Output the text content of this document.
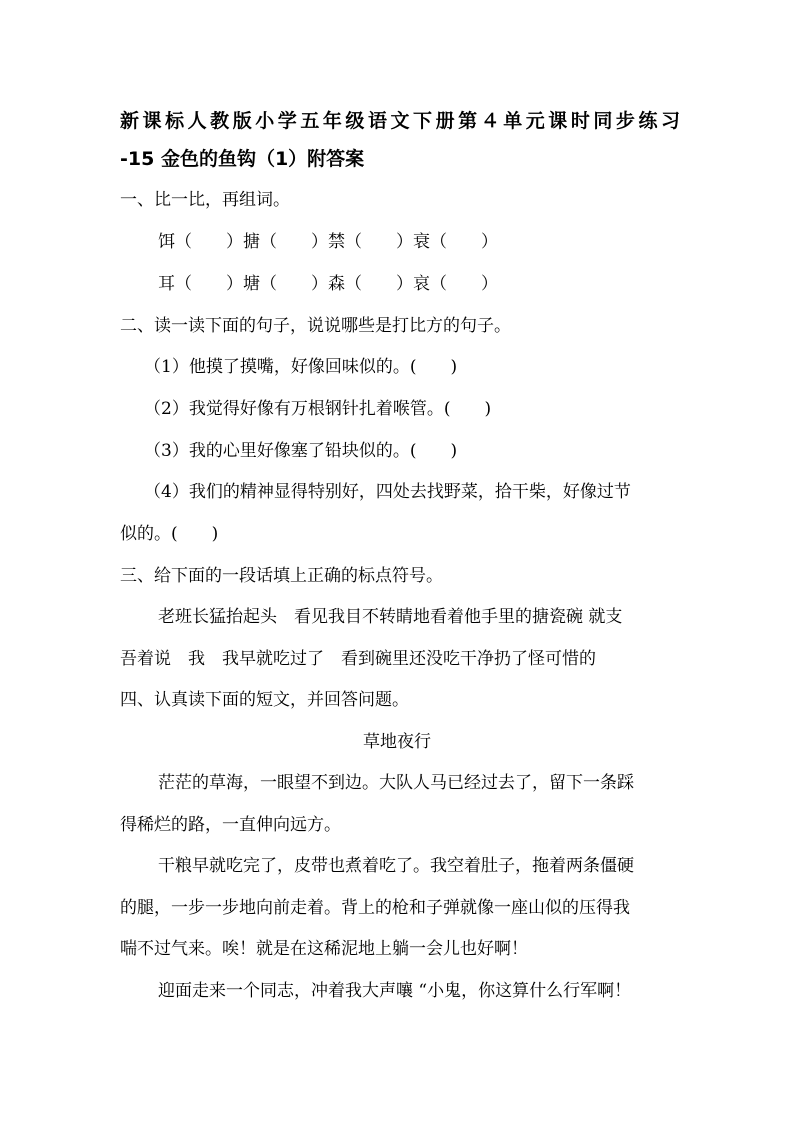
新课标人教版小学五年级语文下册第４单元课时同步练习
-15 金色的鱼钩（1）附答案
一、比一比，再组词。
饵（　　）搪（　　）禁（　　）衰（　　）
耳（　　）塘（　　）森（　　）哀（　　）
二、读一读下面的句子，说说哪些是打比方的句子。
（1）他摸了摸嘴，好像回味似的。(　　)
（2）我觉得好像有万根钢针扎着喉管。(　　)
（3）我的心里好像塞了铅块似的。(　　)
（4）我们的精神显得特别好，四处去找野菜，拾干柴，好像过节
似的。(　　)
三、给下面的一段话填上正确的标点符号。
老班长猛抬起头　看见我目不转睛地看着他手里的搪瓷碗 就支
吾着说　我　我早就吃过了　看到碗里还没吃干净扔了怪可惜的
四、认真读下面的短文，并回答问题。
草地夜行
茫茫的草海，一眼望不到边。大队人马已经过去了，留下一条踩
得稀烂的路，一直伸向远方。
干粮早就吃完了，皮带也煮着吃了。我空着肚子，拖着两条僵硬
的腿，一步一步地向前走着。背上的枪和子弹就像一座山似的压得我
喘不过气来。唉！就是在这稀泥地上躺一会儿也好啊！
迎面走来一个同志，冲着我大声嚷 “小鬼，你这算什么行军啊！
